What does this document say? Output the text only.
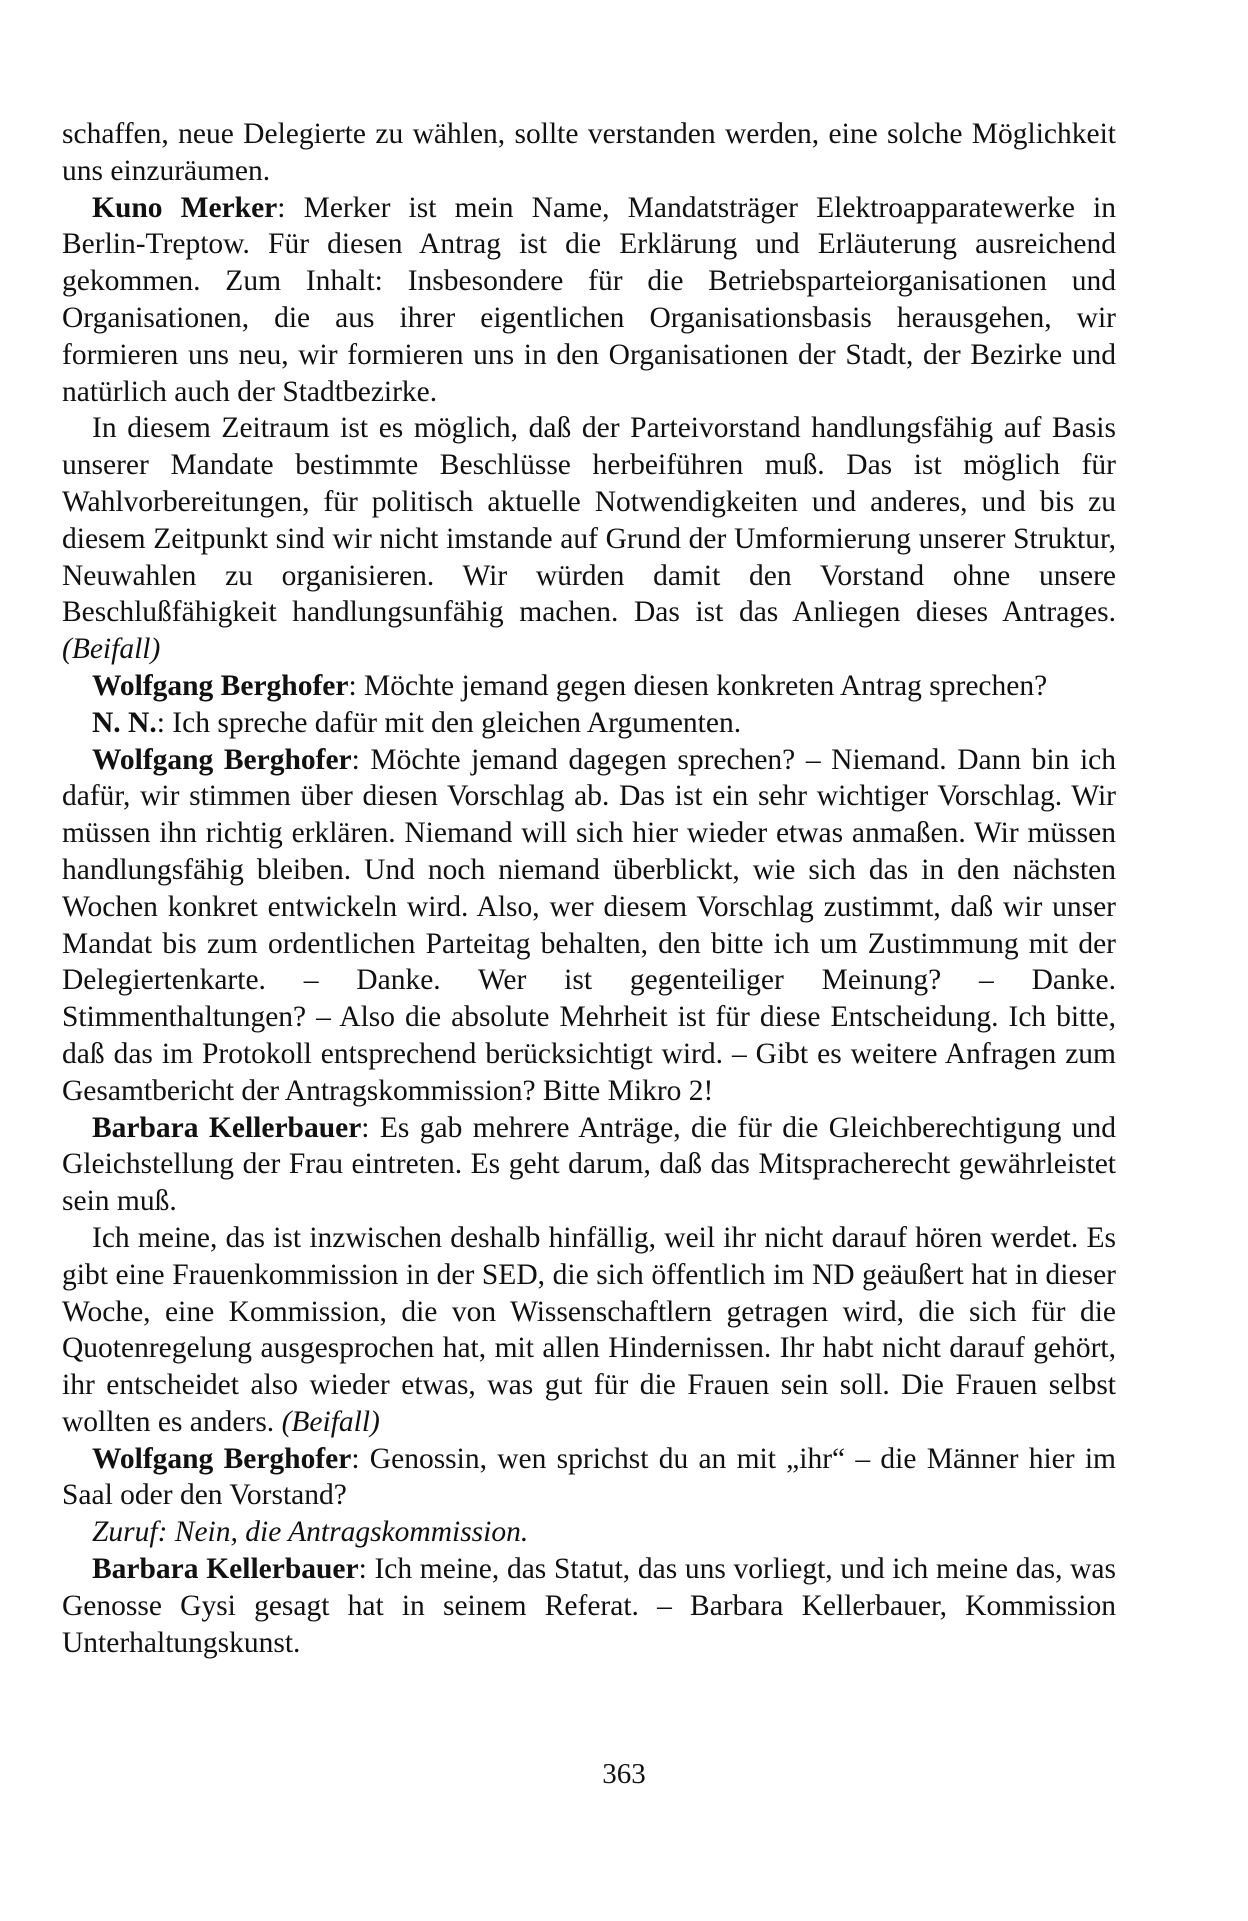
schaffen, neue Delegierte zu wählen, sollte verstanden werden, eine solche Möglichkeit uns einzuräumen.

Kuno Merker: Merker ist mein Name, Mandatsträger Elektroapparatewerke in Berlin-Treptow. Für diesen Antrag ist die Erklärung und Erläuterung ausreichend gekommen. Zum Inhalt: Insbesondere für die Betriebsparteiorganisationen und Organisationen, die aus ihrer eigentlichen Organisationsbasis herausgehen, wir formieren uns neu, wir formieren uns in den Organisationen der Stadt, der Bezirke und natürlich auch der Stadtbezirke.

In diesem Zeitraum ist es möglich, daß der Parteivorstand handlungsfähig auf Basis unserer Mandate bestimmte Beschlüsse herbeiführen muß. Das ist möglich für Wahlvorbereitungen, für politisch aktuelle Notwendigkeiten und anderes, und bis zu diesem Zeitpunkt sind wir nicht imstande auf Grund der Umformierung unserer Struktur, Neuwahlen zu organisieren. Wir würden damit den Vorstand ohne unsere Beschlußfähigkeit handlungsunfähig machen. Das ist das Anliegen dieses Antrages. (Beifall)

Wolfgang Berghofer: Möchte jemand gegen diesen konkreten Antrag sprechen?

N. N.: Ich spreche dafür mit den gleichen Argumenten.

Wolfgang Berghofer: Möchte jemand dagegen sprechen? – Niemand. Dann bin ich dafür, wir stimmen über diesen Vorschlag ab. Das ist ein sehr wichtiger Vorschlag. Wir müssen ihn richtig erklären. Niemand will sich hier wieder etwas anmaßen. Wir müssen handlungsfähig bleiben. Und noch niemand überblickt, wie sich das in den nächsten Wochen konkret entwickeln wird. Also, wer diesem Vorschlag zustimmt, daß wir unser Mandat bis zum ordentlichen Parteitag behalten, den bitte ich um Zustimmung mit der Delegiertenkarte. – Danke. Wer ist gegenteiliger Meinung? – Danke. Stimmenthaltungen? – Also die absolute Mehrheit ist für diese Entscheidung. Ich bitte, daß das im Protokoll entsprechend berücksichtigt wird. – Gibt es weitere Anfragen zum Gesamtbericht der Antragskommission? Bitte Mikro 2!

Barbara Kellerbauer: Es gab mehrere Anträge, die für die Gleichberechtigung und Gleichstellung der Frau eintreten. Es geht darum, daß das Mitspracherecht gewährleistet sein muß.

Ich meine, das ist inzwischen deshalb hinfällig, weil ihr nicht darauf hören werdet. Es gibt eine Frauenkommission in der SED, die sich öffentlich im ND geäußert hat in dieser Woche, eine Kommission, die von Wissenschaftlern getragen wird, die sich für die Quotenregelung ausgesprochen hat, mit allen Hindernissen. Ihr habt nicht darauf gehört, ihr entscheidet also wieder etwas, was gut für die Frauen sein soll. Die Frauen selbst wollten es anders. (Beifall)

Wolfgang Berghofer: Genossin, wen sprichst du an mit „ihr“ – die Männer hier im Saal oder den Vorstand?

Zuruf: Nein, die Antragskommission.

Barbara Kellerbauer: Ich meine, das Statut, das uns vorliegt, und ich meine das, was Genosse Gysi gesagt hat in seinem Referat. – Barbara Kellerbauer, Kommission Unterhaltungskunst.

363
